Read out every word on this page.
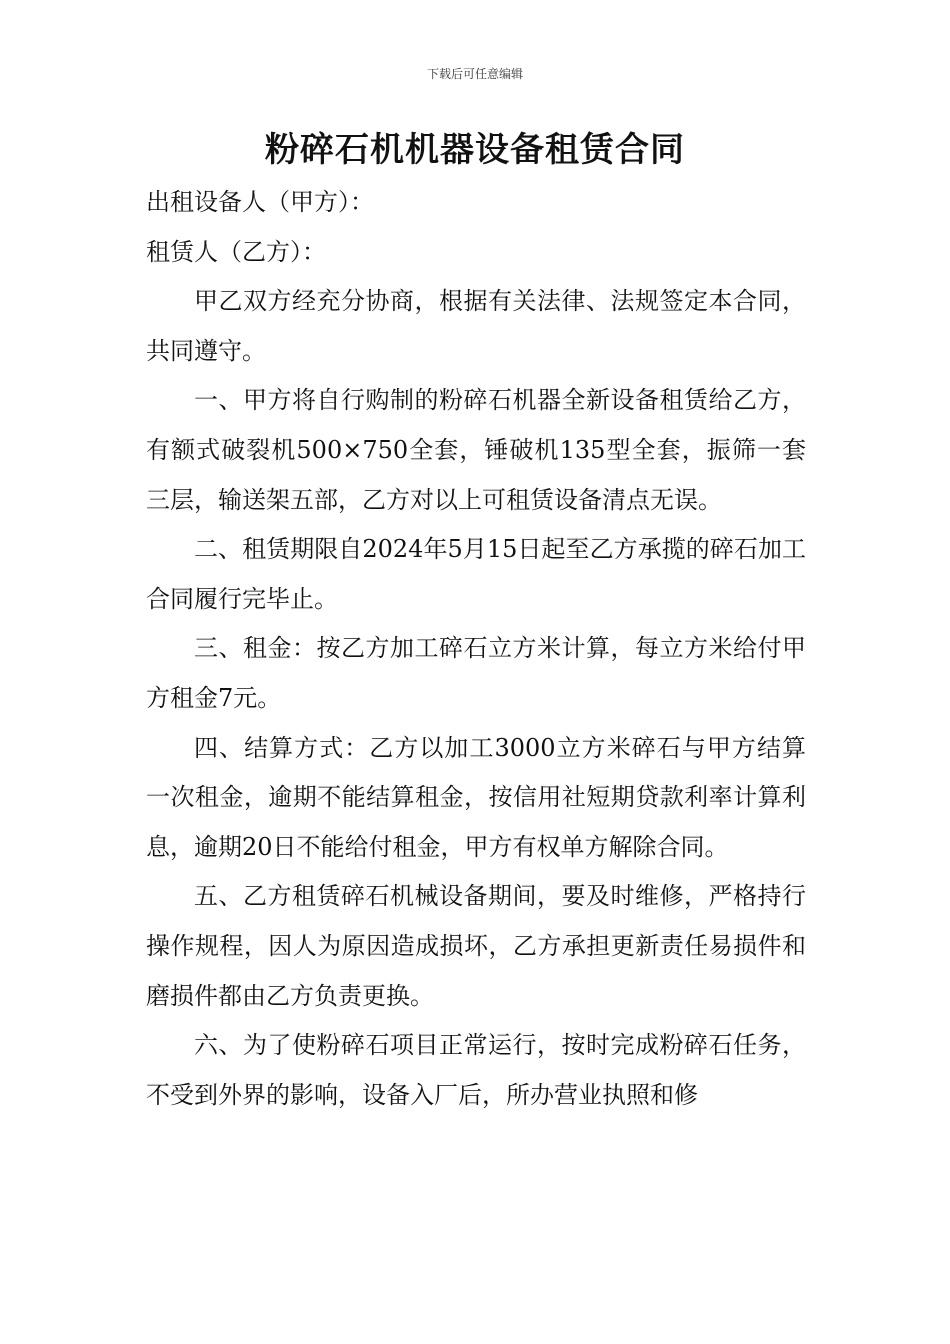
下载后可任意编辑
粉碎石机机器设备租赁合同

出租设备人（甲方）：

租赁人（乙方）：

甲乙双方经充分协商，根据有关法律、法规签定本合同，共同遵守。

一、甲方将自行购制的粉碎石机器全新设备租赁给乙方，有额式破裂机500×750全套，锤破机135型全套，振筛一套三层，输送架五部，乙方对以上可租赁设备清点无误。

二、租赁期限自2024年5月15日起至乙方承揽的碎石加工合同履行完毕止。

三、租金：按乙方加工碎石立方米计算，每立方米给付甲方租金7元。

四、结算方式：乙方以加工3000立方米碎石与甲方结算一次租金，逾期不能结算租金，按信用社短期贷款利率计算利息，逾期20日不能给付租金，甲方有权单方解除合同。

五、乙方租赁碎石机械设备期间，要及时维修，严格持行操作规程，因人为原因造成损坏，乙方承担更新责任易损件和磨损件都由乙方负责更换。

六、为了使粉碎石项目正常运行，按时完成粉碎石任务，不受到外界的影响，设备入厂后，所办营业执照和修
